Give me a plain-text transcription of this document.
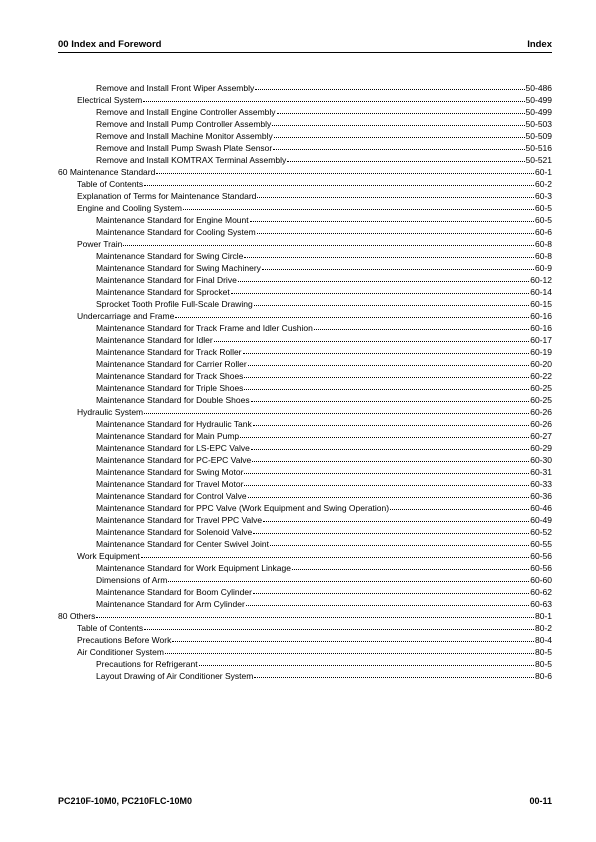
00 Index and Foreword	Index
Remove and Install Front Wiper Assembly	50-486
Electrical System	50-499
Remove and Install Engine Controller Assembly	50-499
Remove and Install Pump Controller Assembly	50-503
Remove and Install Machine Monitor Assembly	50-509
Remove and Install Pump Swash Plate Sensor	50-516
Remove and Install KOMTRAX Terminal Assembly	50-521
60 Maintenance Standard	60-1
Table of Contents	60-2
Explanation of Terms for Maintenance Standard	60-3
Engine and Cooling System	60-5
Maintenance Standard for Engine Mount	60-5
Maintenance Standard for Cooling System	60-6
Power Train	60-8
Maintenance Standard for Swing Circle	60-8
Maintenance Standard for Swing Machinery	60-9
Maintenance Standard for Final Drive	60-12
Maintenance Standard for Sprocket	60-14
Sprocket Tooth Profile Full-Scale Drawing	60-15
Undercarriage and Frame	60-16
Maintenance Standard for Track Frame and Idler Cushion	60-16
Maintenance Standard for Idler	60-17
Maintenance Standard for Track Roller	60-19
Maintenance Standard for Carrier Roller	60-20
Maintenance Standard for Track Shoes	60-22
Maintenance Standard for Triple Shoes	60-25
Maintenance Standard for Double Shoes	60-25
Hydraulic System	60-26
Maintenance Standard for Hydraulic Tank	60-26
Maintenance Standard for Main Pump	60-27
Maintenance Standard for LS-EPC Valve	60-29
Maintenance Standard for PC-EPC Valve	60-30
Maintenance Standard for Swing Motor	60-31
Maintenance Standard for Travel Motor	60-33
Maintenance Standard for Control Valve	60-36
Maintenance Standard for PPC Valve (Work Equipment and Swing Operation)	60-46
Maintenance Standard for Travel PPC Valve	60-49
Maintenance Standard for Solenoid Valve	60-52
Maintenance Standard for Center Swivel Joint	60-55
Work Equipment	60-56
Maintenance Standard for Work Equipment Linkage	60-56
Dimensions of Arm	60-60
Maintenance Standard for Boom Cylinder	60-62
Maintenance Standard for Arm Cylinder	60-63
80 Others	80-1
Table of Contents	80-2
Precautions Before Work	80-4
Air Conditioner System	80-5
Precautions for Refrigerant	80-5
Layout Drawing of Air Conditioner System	80-6
PC210F-10M0, PC210FLC-10M0	00-11
